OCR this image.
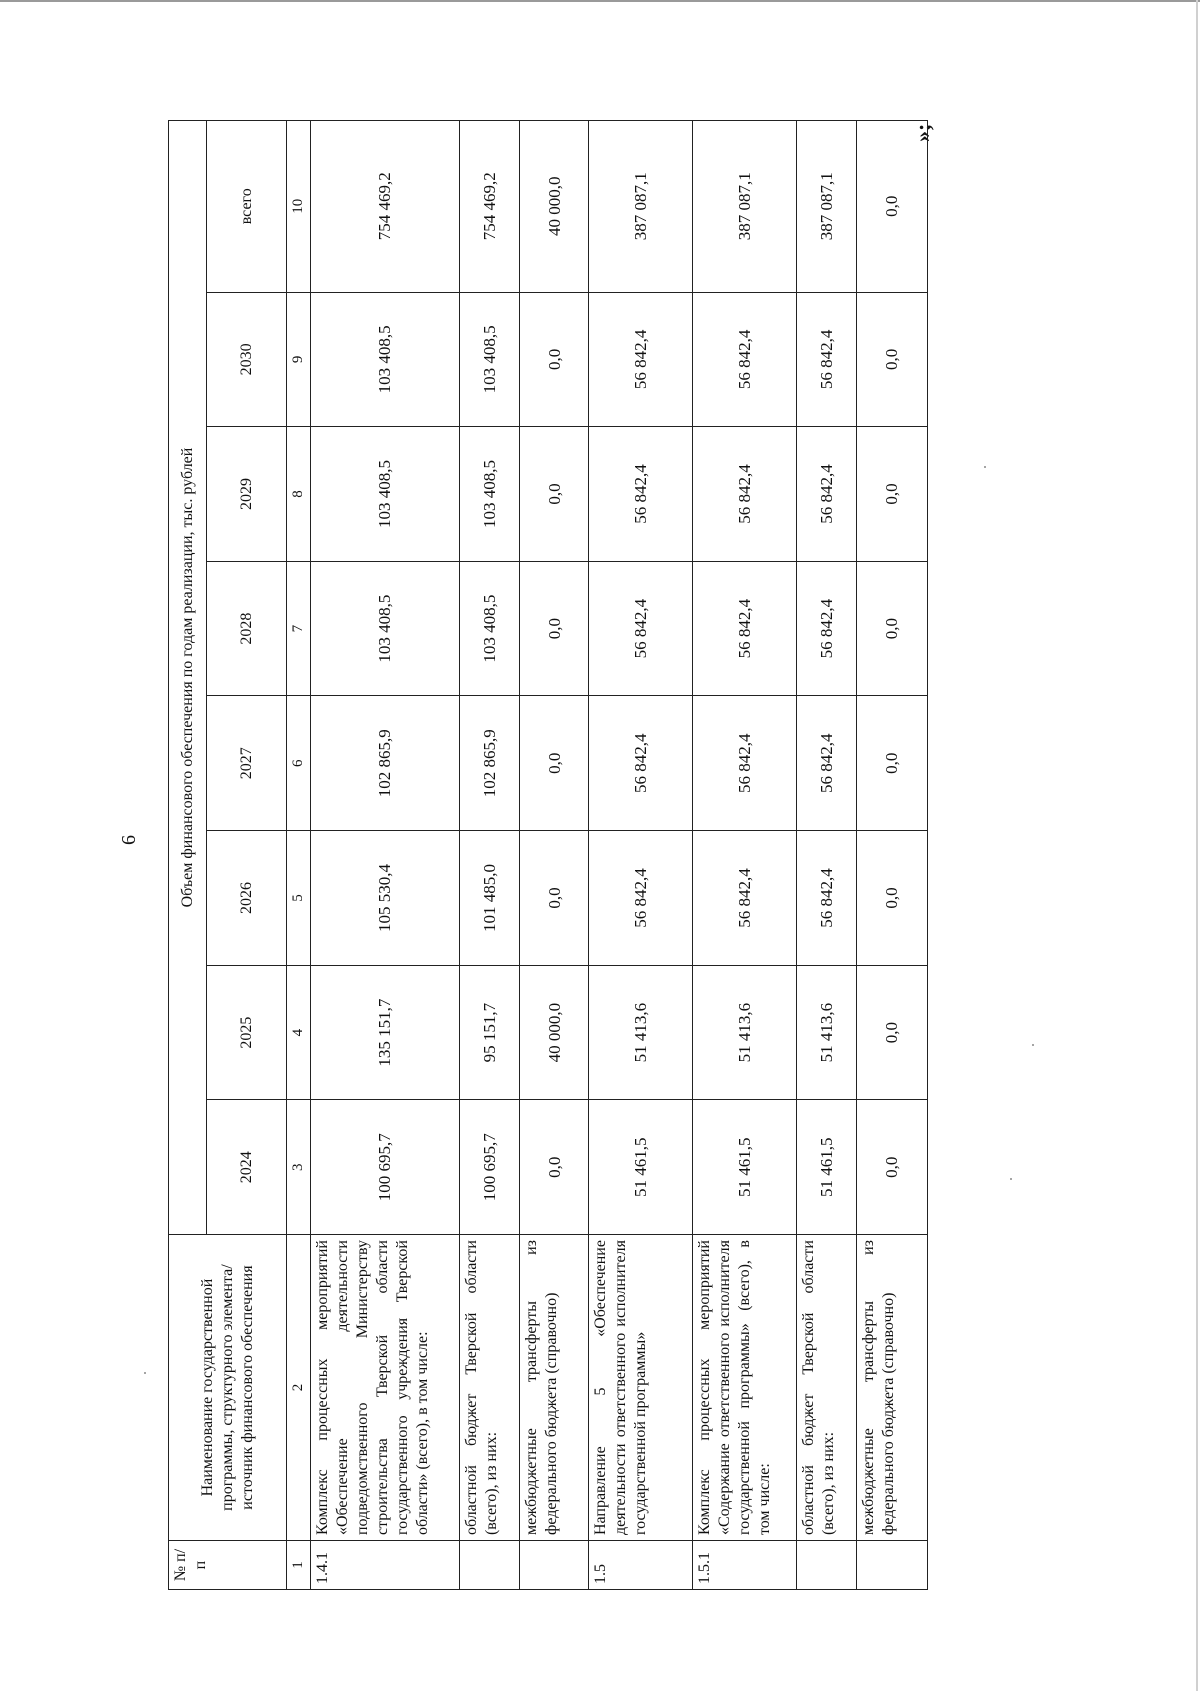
6
»;
№ п/п	Наименование государственной программы, структурного элемента/источник финансового обеспечения	Объем финансового обеспечения по годам реализации, тыс. рублей							
		2024	2025	2026	2027	2028	2029	2030	всего
1	2	3	4	5	6	7	8	9	10
1.4.1	Комплекс процессных мероприятий «Обеспечение деятельности подведомственного Министерству строительства Тверской области государственного учреждения Тверской области» (всего), в том числе:	100 695,7	135 151,7	105 530,4	102 865,9	103 408,5	103 408,5	103 408,5	754 469,2
	областной бюджет Тверской области (всего), из них:	100 695,7	95 151,7	101 485,0	102 865,9	103 408,5	103 408,5	103 408,5	754 469,2
	межбюджетные трансферты из федерального бюджета (справочно)	0,0	40 000,0	0,0	0,0	0,0	0,0	0,0	40 000,0
1.5	Направление 5 «Обеспечение деятельности ответственного исполнителя государственной программы»	51 461,5	51 413,6	56 842,4	56 842,4	56 842,4	56 842,4	56 842,4	387 087,1
1.5.1	Комплекс процессных мероприятий «Содержание ответственного исполнителя государственной программы» (всего), в том числе:	51 461,5	51 413,6	56 842,4	56 842,4	56 842,4	56 842,4	56 842,4	387 087,1
	областной бюджет Тверской области (всего), из них:	51 461,5	51 413,6	56 842,4	56 842,4	56 842,4	56 842,4	56 842,4	387 087,1
	межбюджетные трансферты из федерального бюджета (справочно)	0,0	0,0	0,0	0,0	0,0	0,0	0,0	0,0
